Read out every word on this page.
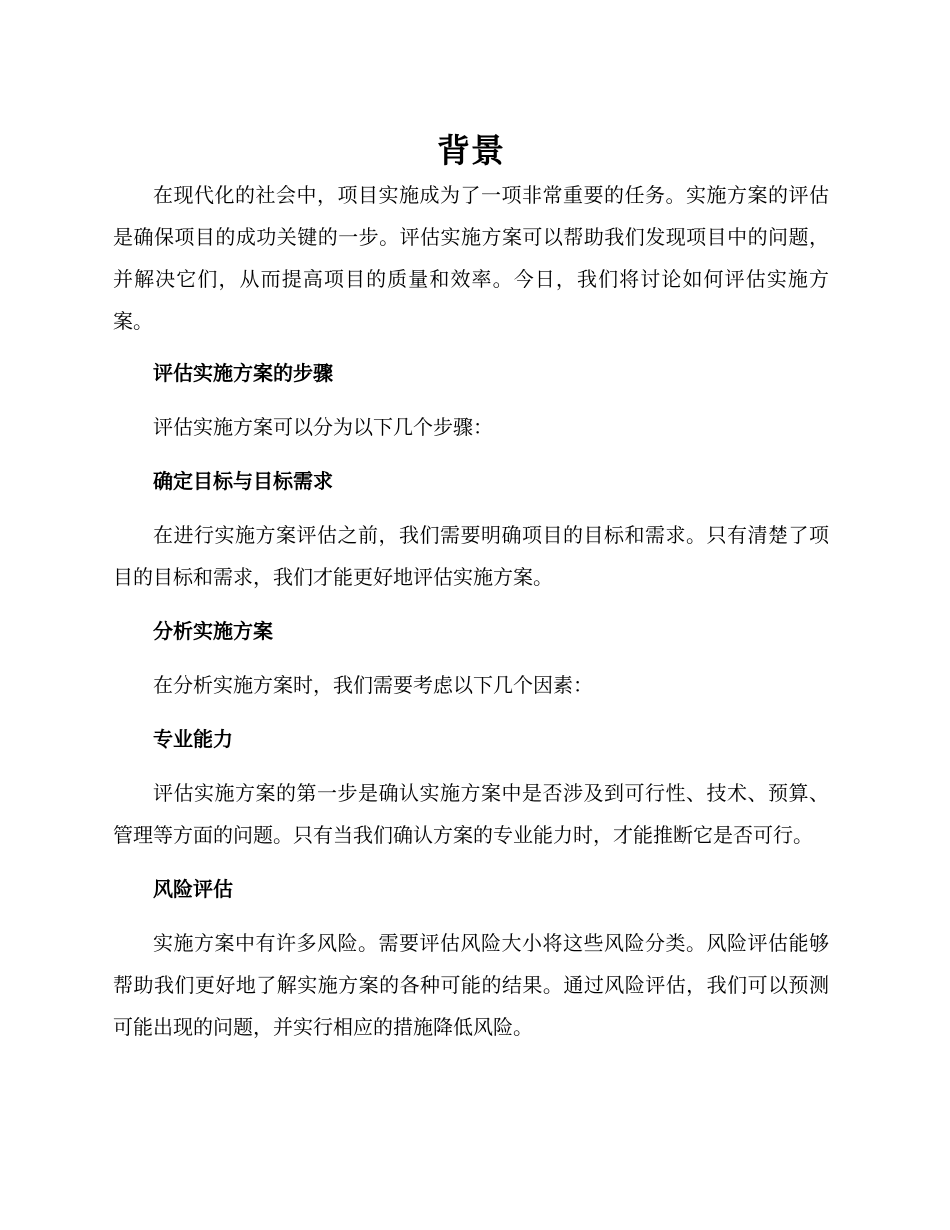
背景

在现代化的社会中，项目实施成为了一项非常重要的任务。实施方案的评估是确保项目的成功关键的一步。评估实施方案可以帮助我们发现项目中的问题，并解决它们，从而提高项目的质量和效率。今日，我们将讨论如何评估实施方案。

评估实施方案的步骤

评估实施方案可以分为以下几个步骤：

确定目标与目标需求

在进行实施方案评估之前，我们需要明确项目的目标和需求。只有清楚了项目的目标和需求，我们才能更好地评估实施方案。

分析实施方案

在分析实施方案时，我们需要考虑以下几个因素：

专业能力

评估实施方案的第一步是确认实施方案中是否涉及到可行性、技术、预算、管理等方面的问题。只有当我们确认方案的专业能力时，才能推断它是否可行。

风险评估

实施方案中有许多风险。需要评估风险大小将这些风险分类。风险评估能够帮助我们更好地了解实施方案的各种可能的结果。通过风险评估，我们可以预测可能出现的问题，并实行相应的措施降低风险。
